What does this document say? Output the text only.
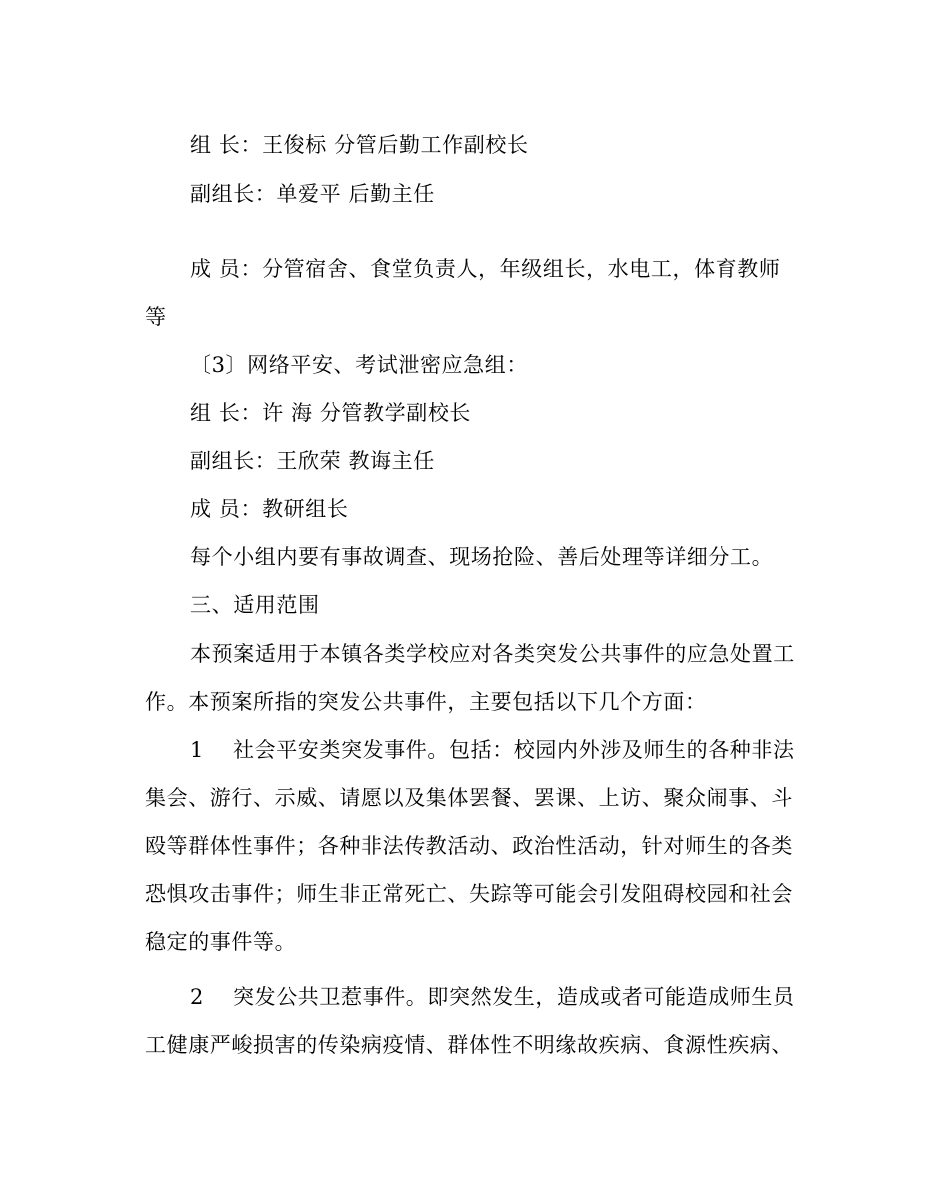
组 长：王俊标 分管后勤工作副校长
副组长：单爱平 后勤主任
成 员：分管宿舍、食堂负责人，年级组长，水电工，体育教师
等
〔3〕网络平安、考试泄密应急组：
组 长：许 海 分管教学副校长
副组长：王欣荣 教诲主任
成 员：教研组长
每个小组内要有事故调查、现场抢险、善后处理等详细分工。
三、适用范围
本预案适用于本镇各类学校应对各类突发公共事件的应急处置工
作。本预案所指的突发公共事件，主要包括以下几个方面：
1 社会平安类突发事件。包括：校园内外涉及师生的各种非法
集会、游行、示威、请愿以及集体罢餐、罢课、上访、聚众闹事、斗
殴等群体性事件；各种非法传教活动、政治性活动，针对师生的各类
恐惧攻击事件；师生非正常死亡、失踪等可能会引发阻碍校园和社会
稳定的事件等。
2 突发公共卫惹事件。即突然发生，造成或者可能造成师生员
工健康严峻损害的传染病疫情、群体性不明缘故疾病、食源性疾病、
